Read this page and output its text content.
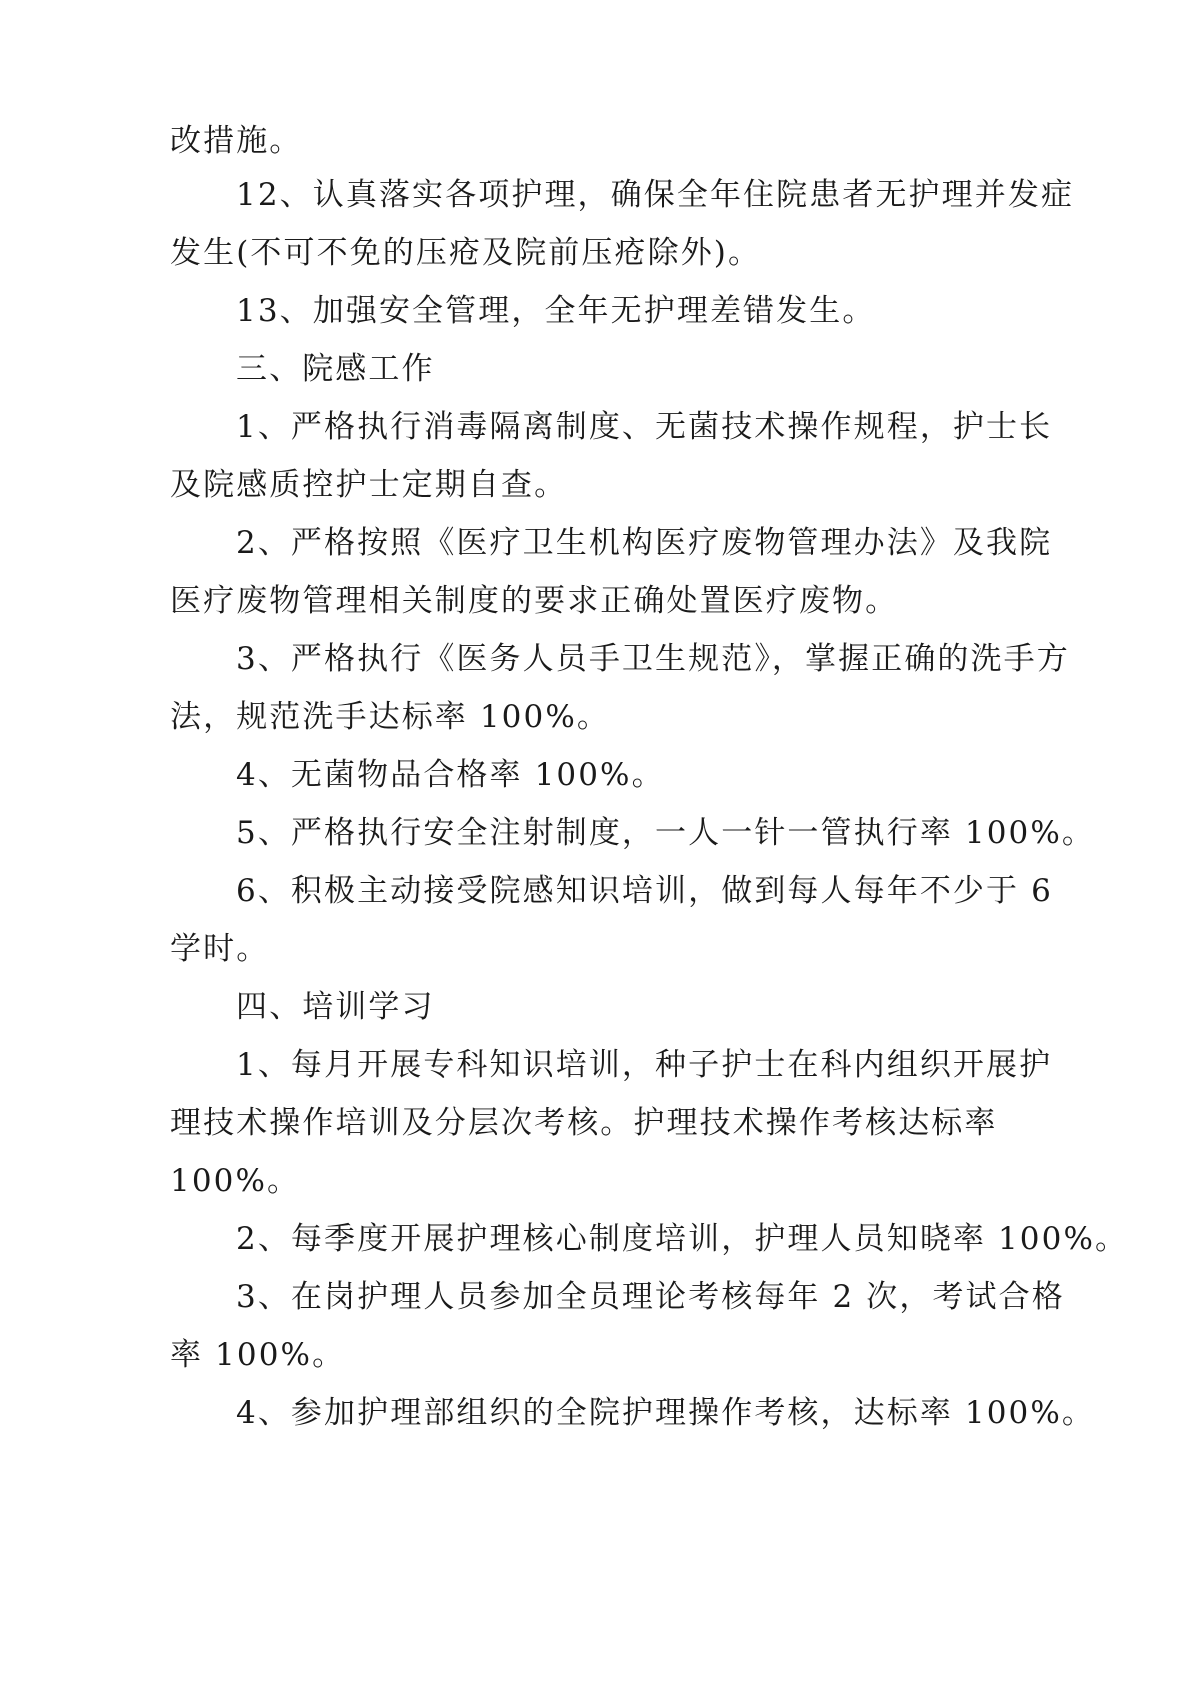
改措施。

12、认真落实各项护理，确保全年住院患者无护理并发症

发生(不可不免的压疮及院前压疮除外)。

13、加强安全管理，全年无护理差错发生。

三、院感工作

1、严格执行消毒隔离制度、无菌技术操作规程，护士长

及院感质控护士定期自查。

2、严格按照《医疗卫生机构医疗废物管理办法》及我院

医疗废物管理相关制度的要求正确处置医疗废物。

3、严格执行《医务人员手卫生规范》，掌握正确的洗手方

法，规范洗手达标率 100%。

4、无菌物品合格率 100%。

5、严格执行安全注射制度，一人一针一管执行率 100%。

6、积极主动接受院感知识培训，做到每人每年不少于 6

学时。

四、培训学习

1、每月开展专科知识培训，种子护士在科内组织开展护

理技术操作培训及分层次考核。护理技术操作考核达标率

100%。

2、每季度开展护理核心制度培训，护理人员知晓率 100%。

3、在岗护理人员参加全员理论考核每年 2 次，考试合格

率 100%。

4、参加护理部组织的全院护理操作考核，达标率 100%。
